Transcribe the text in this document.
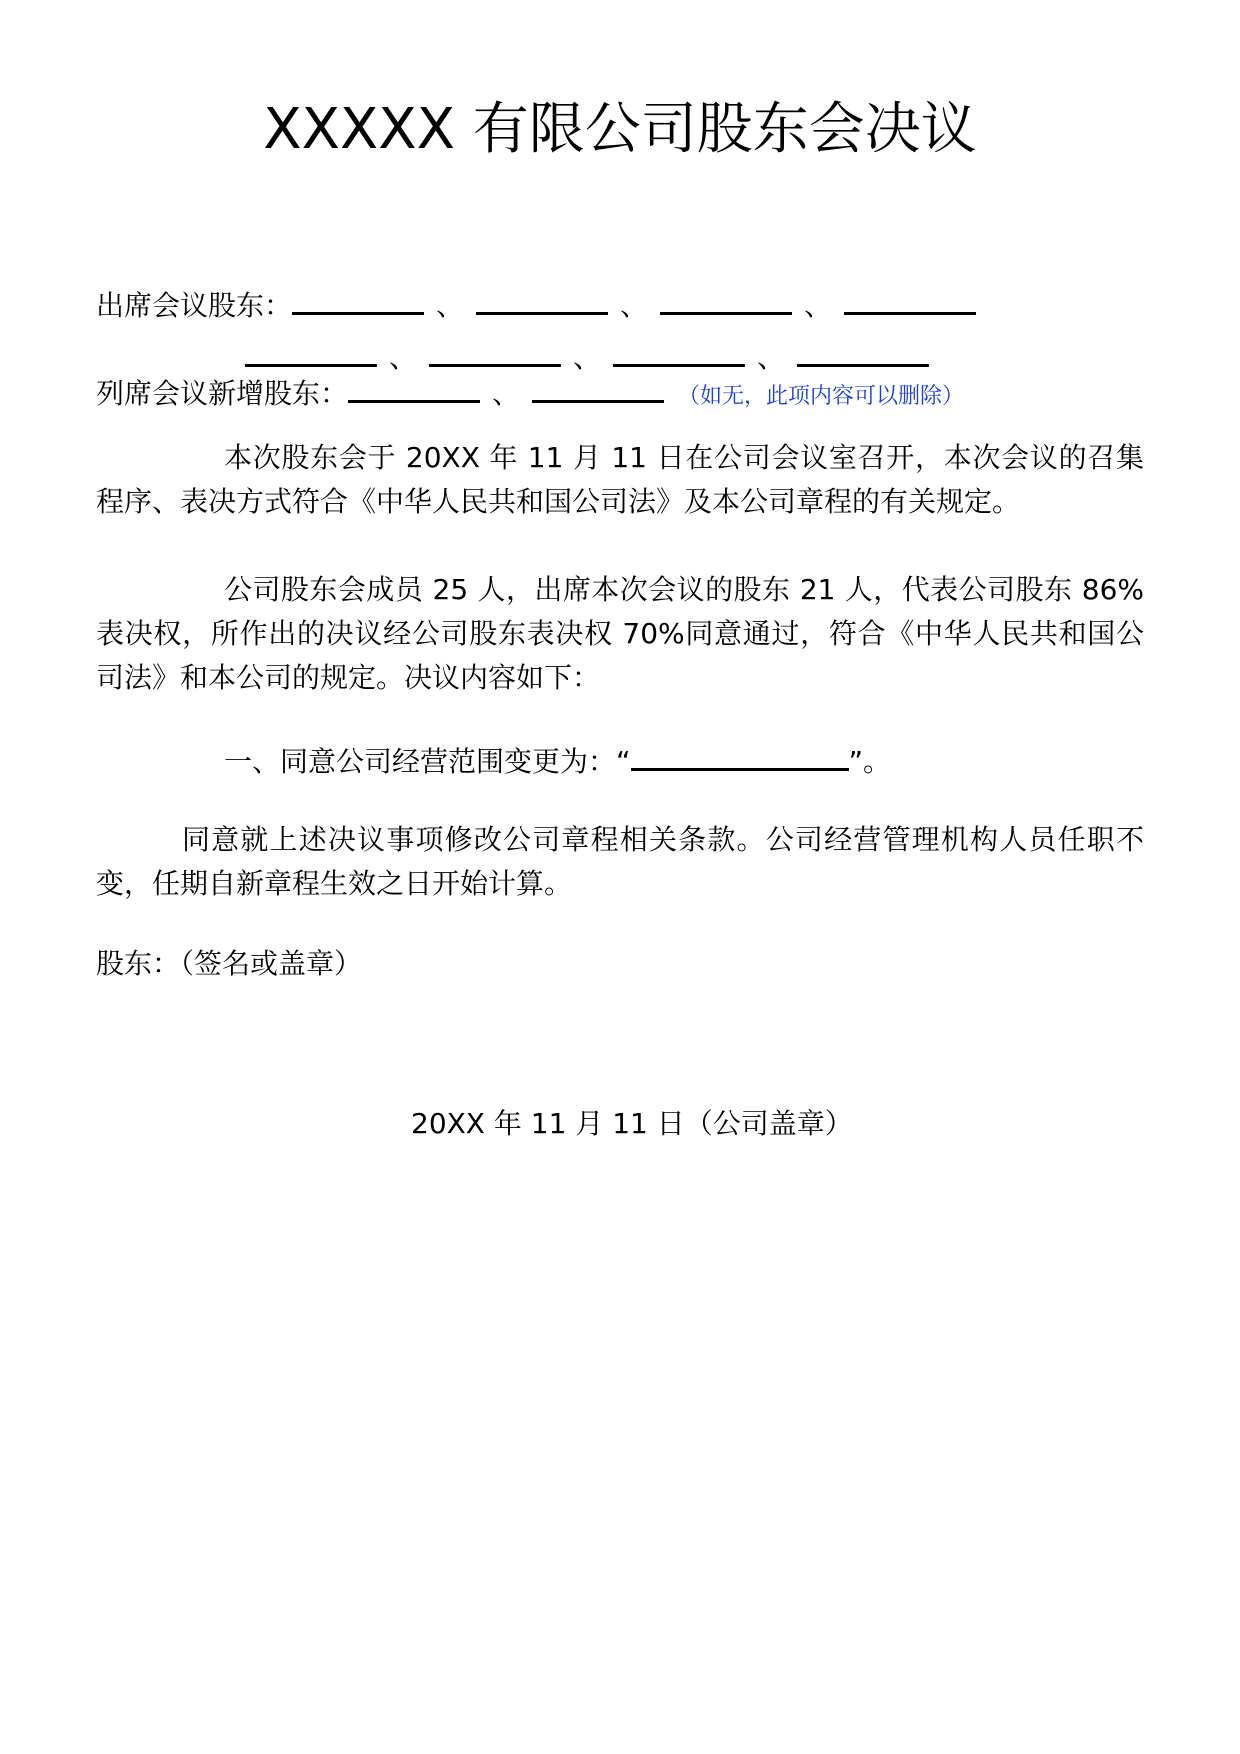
XXXXX 有限公司股东会决议
出席会议股东：	、	、	、
、	、	、
列席会议新增股东：	、	（如无，此项内容可以删除）
本次股东会于 20XX 年 11 月 11 日在公司会议室召开，本次会议的召集程序、表决方式符合《中华人民共和国公司法》及本公司章程的有关规定。
公司股东会成员 25 人，出席本次会议的股东 21 人，代表公司股东 86%表决权，所作出的决议经公司股东表决权 70%同意通过，符合《中华人民共和国公司法》和本公司的规定。决议内容如下：
一、同意公司经营范围变更为：“	”。
同意就上述决议事项修改公司章程相关条款。公司经营管理机构人员任职不变，任期自新章程生效之日开始计算。
股东：（签名或盖章）
20XX 年 11 月 11 日（公司盖章）
